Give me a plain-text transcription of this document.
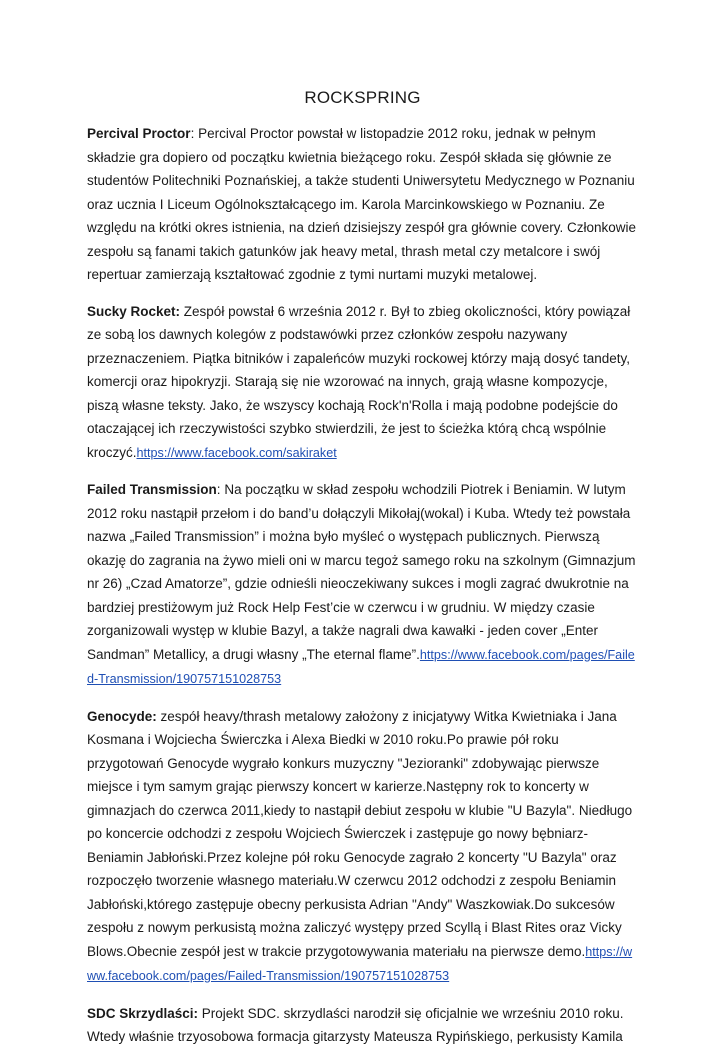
ROCKSPRING

Percival Proctor: Percival Proctor powstał w listopadzie 2012 roku, jednak w pełnym składzie gra dopiero od początku kwietnia bieżącego roku. Zespół składa się głównie ze studentów Politechniki Poznańskiej, a także studenti Uniwersytetu Medycznego w Poznaniu oraz ucznia I Liceum Ogólnokształcącego im. Karola Marcinkowskiego w Poznaniu. Ze względu na krótki okres istnienia, na dzień dzisiejszy zespół gra głównie covery. Członkowie zespołu są fanami takich gatunków jak heavy metal, thrash metal czy metalcore i swój repertuar zamierzają kształtować zgodnie z tymi nurtami muzyki metalowej.

Sucky Rocket: Zespół powstał 6 września 2012 r. Był to zbieg okoliczności, który powiązał ze sobą los dawnych kolegów z podstawówki przez członków zespołu nazywany przeznaczeniem. Piątka bitników i zapaleńców muzyki rockowej którzy mają dosyć tandety, komercji oraz hipokryzji. Starają się nie wzorować na innych, grają własne kompozycje, piszą własne teksty. Jako, że wszyscy kochają Rock'n'Rolla i mają podobne podejście do otaczającej ich rzeczywistości szybko stwierdzili, że jest to ścieżka którą chcą wspólnie kroczyć.https://www.facebook.com/sakiraket

Failed Transmission: Na początku w skład zespołu wchodzili Piotrek i Beniamin. W lutym 2012 roku nastąpił przełom i do band’u dołączyli Mikołaj(wokal) i Kuba. Wtedy też powstała nazwa „Failed Transmission” i można było myśleć o występach publicznych. Pierwszą okazję do zagrania na żywo mieli oni w marcu tegoż samego roku na szkolnym (Gimnazjum nr 26) „Czad Amatorze”, gdzie odnieśli nieoczekiwany sukces i mogli zagrać dwukrotnie na bardziej prestiżowym już Rock Help Fest’cie w czerwcu i w grudniu. W między czasie zorganizowali występ w klubie Bazyl, a także nagrali dwa kawałki - jeden cover „Enter Sandman” Metallicy, a drugi własny „The eternal flame”.https://www.facebook.com/pages/Failed-Transmission/190757151028753

Genocyde: zespół heavy/thrash metalowy założony z inicjatywy Witka Kwietniaka i Jana Kosmana i Wojciecha Świerczka i Alexa Biedki w 2010 roku.Po prawie pół roku przygotowań Genocyde wygrało konkurs muzyczny "Jezioranki" zdobywając pierwsze miejsce i tym samym grając pierwszy koncert w karierze.Następny rok to koncerty w gimnazjach do czerwca 2011,kiedy to nastąpił debiut zespołu w klubie "U Bazyla". Niedługo po koncercie odchodzi z zespołu Wojciech Świerczek i zastępuje go nowy bębniarz-Beniamin Jabłoński.Przez kolejne pół roku Genocyde zagrało 2 koncerty "U Bazyla" oraz rozpoczęło tworzenie własnego materiału.W czerwcu 2012 odchodzi z zespołu Beniamin Jabłoński,którego zastępuje obecny perkusista Adrian "Andy" Waszkowiak.Do sukcesów zespołu z nowym perkusistą można zaliczyć występy przed Scyllą i Blast Rites oraz Vicky Blows.Obecnie zespół jest w trakcie przygotowywania materiału na pierwsze demo.https://www.facebook.com/pages/Failed-Transmission/190757151028753

SDC Skrzydlaści: Projekt SDC. skrzydlaści narodził się oficjalnie we wrześniu 2010 roku. Wtedy właśnie trzyosobowa formacja gitarzysty Mateusza Rypińskiego, perkusisty Kamila
